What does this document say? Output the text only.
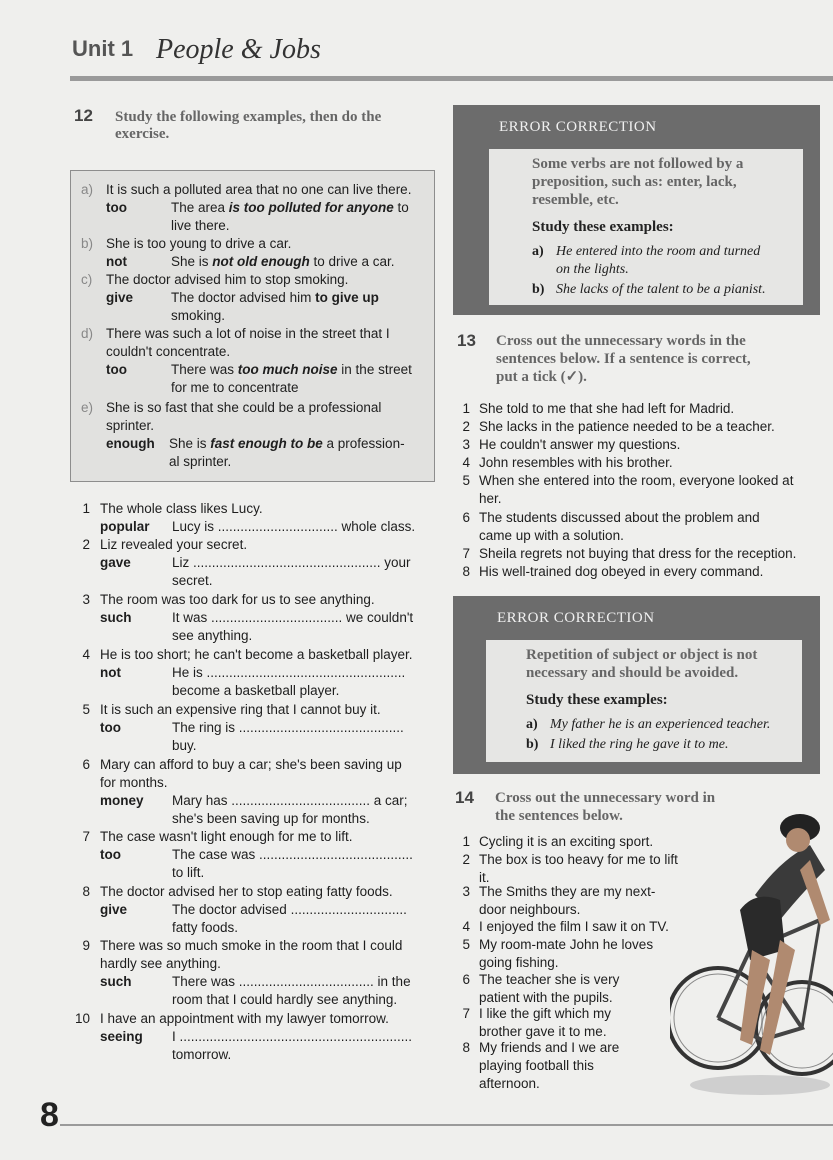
Unit 1 People & Jobs
12 Study the following examples, then do the
exercise.
a) It is such a polluted area that no one can live there.
too	The area is too polluted for anyone to
live there.
b) She is too young to drive a car.
not	She is not old enough to drive a car.
c) The doctor advised him to stop smoking.
give	The doctor advised him to give up
smoking.
d) There was such a lot of noise in the street that I
couldn't concentrate.
too	There was too much noise in the street
for me to concentrate
e) She is so fast that she could be a professional
sprinter.
enough She is fast enough to be a profession-
al sprinter.
1 The whole class likes Lucy.
popular Lucy is ................................ whole class.
2 Liz revealed your secret.
gave	Liz .................................................. your
secret.
3 The room was too dark for us to see anything.
such	It was ................................... we couldn't
see anything.
4 He is too short; he can't become a basketball player.
not	He is .....................................................
become a basketball player.
5 It is such an expensive ring that I cannot buy it.
too	The ring is ............................................
buy.
6 Mary can afford to buy a car; she's been saving up
for months.
money Mary has ..................................... a car;
she's been saving up for months.
7 The case wasn't light enough for me to lift.
too	The case was .........................................
to lift.
8 The doctor advised her to stop eating fatty foods.
give	The doctor advised ...............................
fatty foods.
9 There was so much smoke in the room that I could
hardly see anything.
such	There was .................................... in the
room that I could hardly see anything.
10 I have an appointment with my lawyer tomorrow.
seeing I ..............................................................
tomorrow.
ERROR CORRECTION
Some verbs are not followed by a
preposition, such as: enter, lack,
resemble, etc.
Study these examples:
a) He entered into the room and turned
on the lights.
b) She lacks of the talent to be a pianist.
13 Cross out the unnecessary words in the
sentences below. If a sentence is correct,
put a tick (✓).
1 She told to me that she had left for Madrid.
2 She lacks in the patience needed to be a teacher.
3 He couldn't answer my questions.
4 John resembles with his brother.
5 When she entered into the room, everyone looked at
her.
6 The students discussed about the problem and
came up with a solution.
7 Sheila regrets not buying that dress for the reception.
8 His well-trained dog obeyed in every command.
ERROR CORRECTION
Repetition of subject or object is not
necessary and should be avoided.
Study these examples:
a) My father he is an experienced teacher.
b) I liked the ring he gave it to me.
14 Cross out the unnecessary word in
the sentences below.
1 Cycling it is an exciting sport.
2 The box is too heavy for me to lift
it.
3 The Smiths they are my next-
door neighbours.
4 I enjoyed the film I saw it on TV.
5 My room-mate John he loves
going fishing.
6 The teacher she is very
patient with the pupils.
7 I like the gift which my
brother gave it to me.
8 My friends and I we are
playing football this
afternoon.
8
